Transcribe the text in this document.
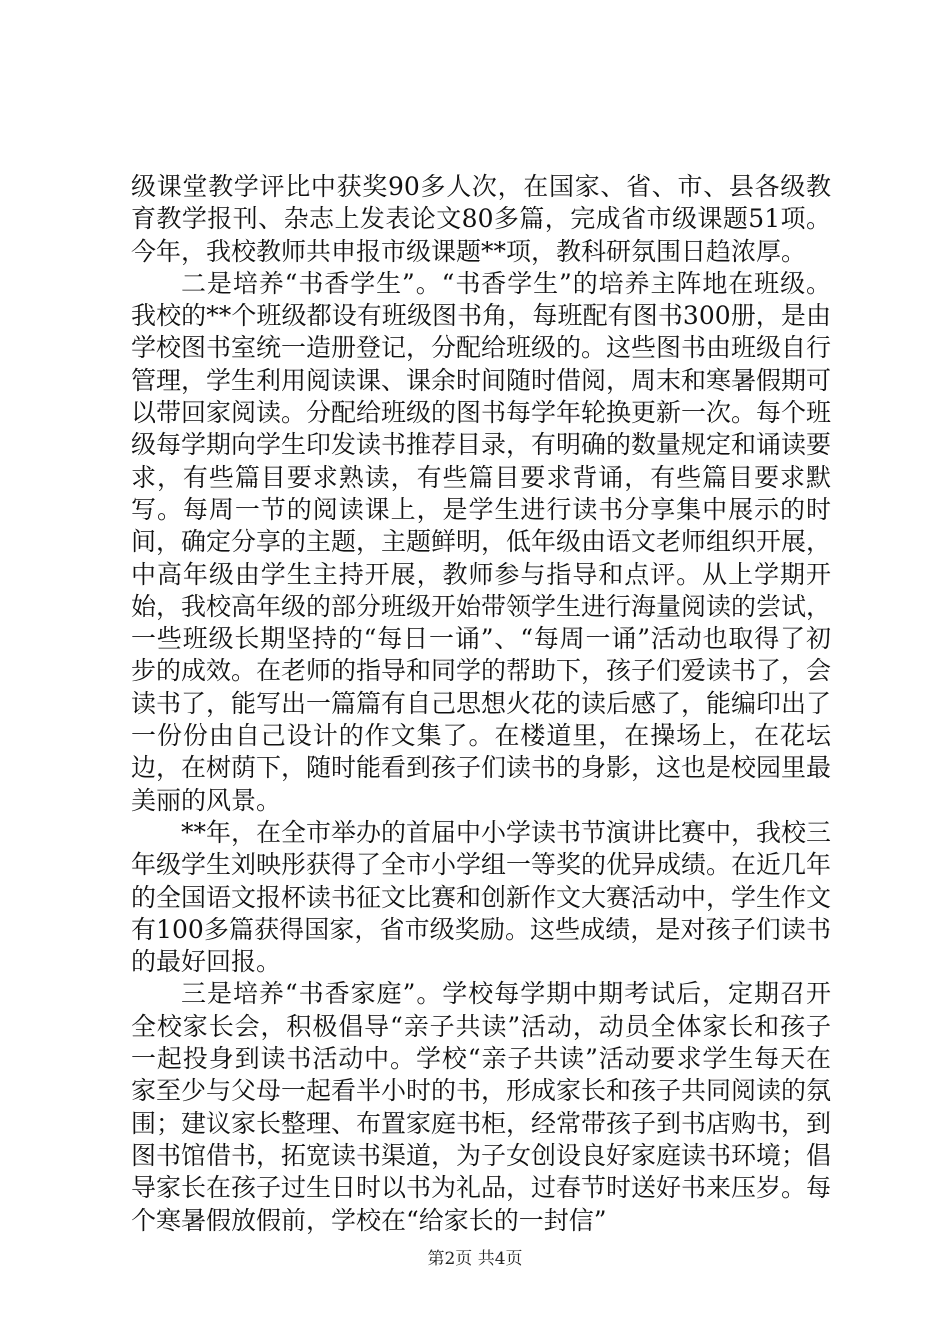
级课堂教学评比中获奖90多人次，在国家、省、市、县各级教育教学报刊、杂志上发表论文80多篇，完成省市级课题51项。今年，我校教师共申报市级课题**项，教科研氛围日趋浓厚。

二是培养“书香学生”。“书香学生”的培养主阵地在班级。我校的**个班级都设有班级图书角，每班配有图书300册，是由学校图书室统一造册登记，分配给班级的。这些图书由班级自行管理，学生利用阅读课、课余时间随时借阅，周末和寒暑假期可以带回家阅读。分配给班级的图书每学年轮换更新一次。每个班级每学期向学生印发读书推荐目录，有明确的数量规定和诵读要求，有些篇目要求熟读，有些篇目要求背诵，有些篇目要求默写。每周一节的阅读课上，是学生进行读书分享集中展示的时间，确定分享的主题，主题鲜明，低年级由语文老师组织开展，中高年级由学生主持开展，教师参与指导和点评。从上学期开始，我校高年级的部分班级开始带领学生进行海量阅读的尝试，一些班级长期坚持的“每日一诵”、“每周一诵”活动也取得了初步的成效。在老师的指导和同学的帮助下，孩子们爱读书了，会读书了，能写出一篇篇有自己思想火花的读后感了，能编印出了一份份由自己设计的作文集了。在楼道里，在操场上，在花坛边，在树荫下，随时能看到孩子们读书的身影，这也是校园里最美丽的风景。

**年，在全市举办的首届中小学读书节演讲比赛中，我校三年级学生刘映彤获得了全市小学组一等奖的优异成绩。在近几年的全国语文报杯读书征文比赛和创新作文大赛活动中，学生作文有100多篇获得国家，省市级奖励。这些成绩，是对孩子们读书的最好回报。

三是培养“书香家庭”。学校每学期中期考试后，定期召开全校家长会，积极倡导“亲子共读”活动，动员全体家长和孩子一起投身到读书活动中。学校“亲子共读”活动要求学生每天在家至少与父母一起看半小时的书，形成家长和孩子共同阅读的氛围；建议家长整理、布置家庭书柜，经常带孩子到书店购书，到图书馆借书，拓宽读书渠道，为子女创设良好家庭读书环境；倡导家长在孩子过生日时以书为礼品，过春节时送好书来压岁。每个寒暑假放假前，学校在“给家长的一封信”

第2页 共4页
